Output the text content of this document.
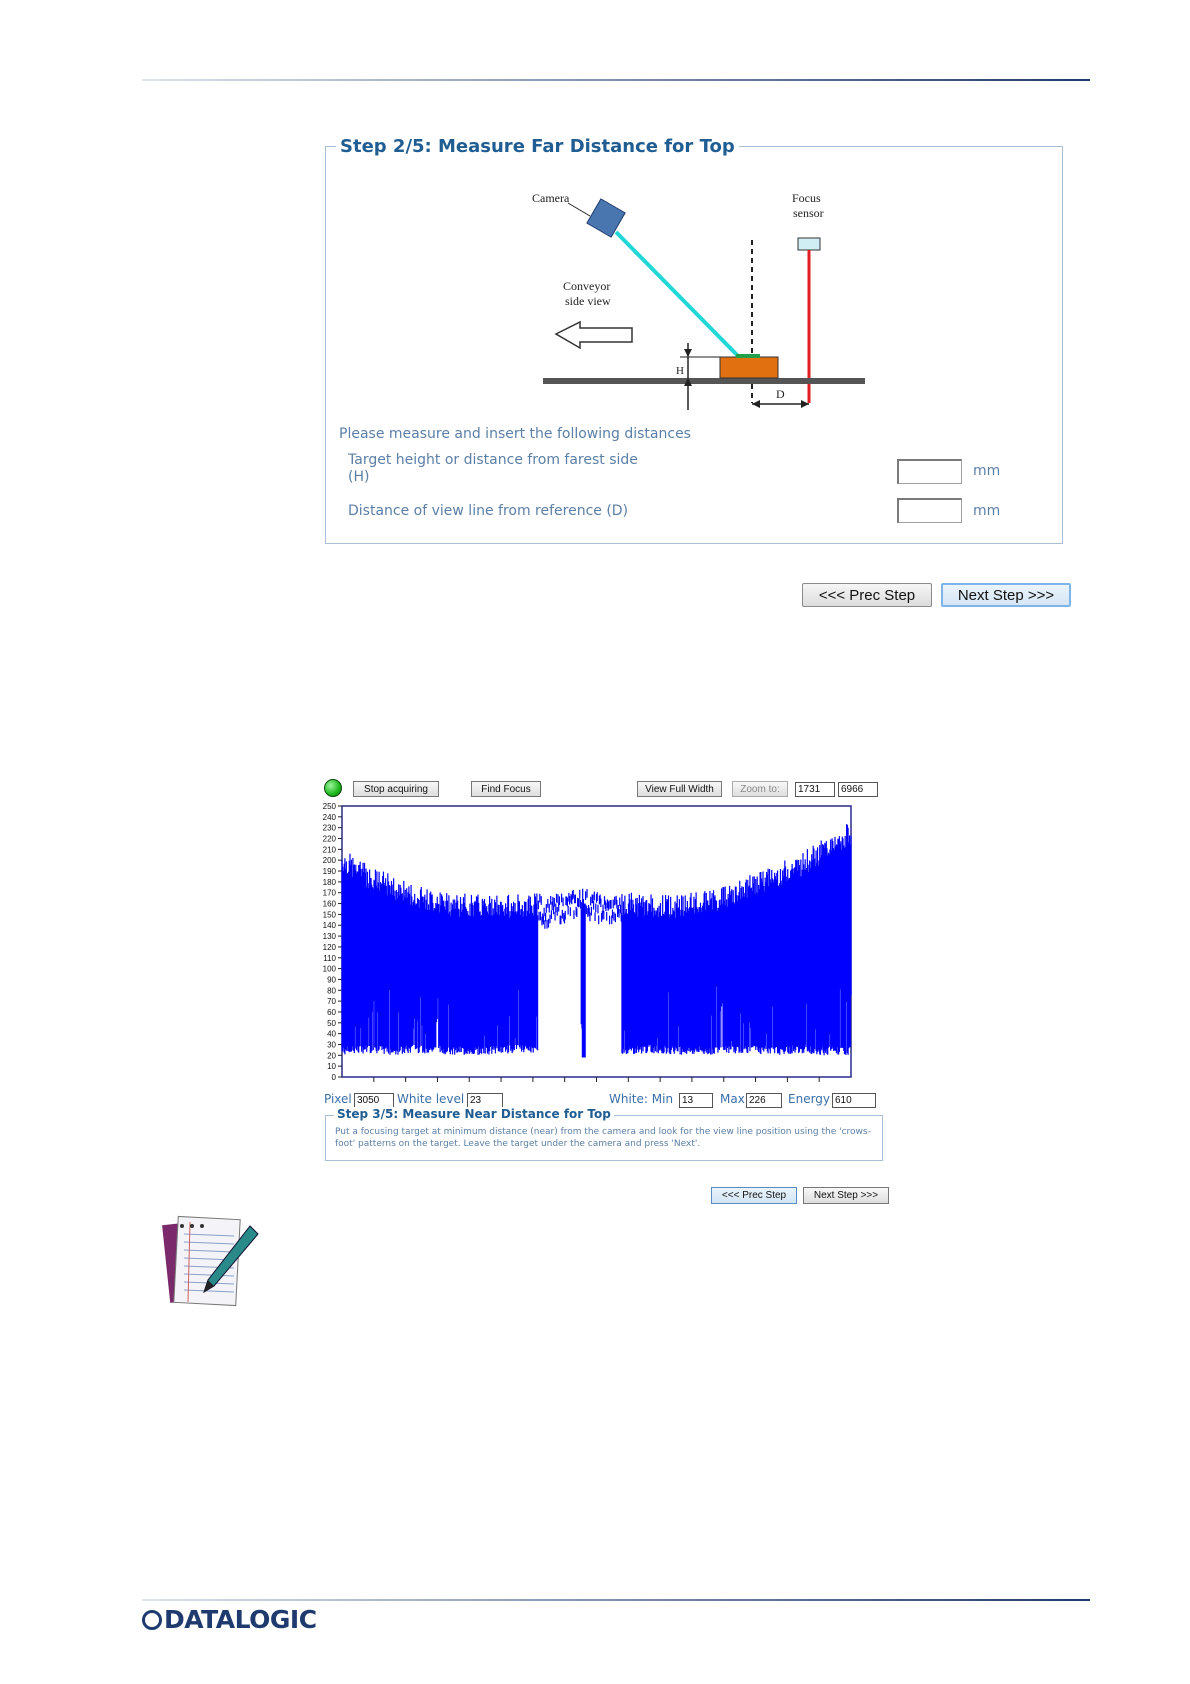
Step 2/5: Measure Far Distance for Top
Camera	Focus
sensor
Conveyor
side view
H
D
Please measure and insert the following distances
Target height or distance from farest side
(H)	mm
Distance of view line from reference (D)	mm
<<< Prec Step	Next Step >>>
Stop acquiring	Find Focus	View Full Width	Zoom to:	1731	6966
250
240
230
220
210
200
190
180
170
160
150
140
130
120
110
100
90
80
70
60
50
40
30
20
10
0
Pixel 3050	White level 23	White: Min 13	Max 226	Energy 610
Step 3/5: Measure Near Distance for Top
Put a focusing target at minimum distance (near) from the camera and look for the view line position using the 'crows-foot' patterns on the target. Leave the target under the camera and press 'Next'.
<<< Prec Step	Next Step >>>
DATALOGIC
